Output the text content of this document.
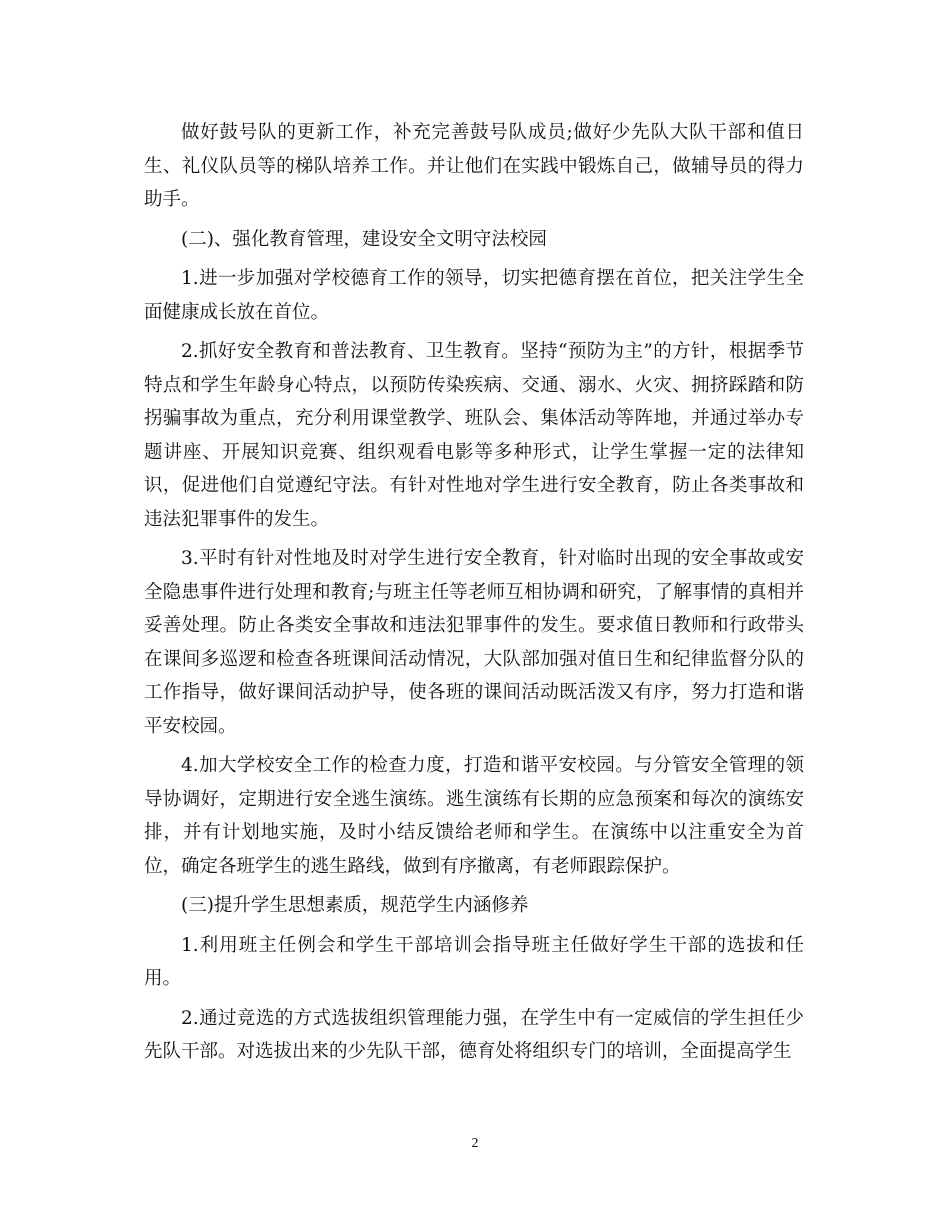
做好鼓号队的更新工作，补充完善鼓号队成员;做好少先队大队干部和值日生、礼仪队员等的梯队培养工作。并让他们在实践中锻炼自己，做辅导员的得力助手。

(二)、强化教育管理，建设安全文明守法校园

1.进一步加强对学校德育工作的领导，切实把德育摆在首位，把关注学生全面健康成长放在首位。

2.抓好安全教育和普法教育、卫生教育。坚持“预防为主”的方针，根据季节特点和学生年龄身心特点，以预防传染疾病、交通、溺水、火灾、拥挤踩踏和防拐骗事故为重点，充分利用课堂教学、班队会、集体活动等阵地，并通过举办专题讲座、开展知识竞赛、组织观看电影等多种形式，让学生掌握一定的法律知识，促进他们自觉遵纪守法。有针对性地对学生进行安全教育，防止各类事故和违法犯罪事件的发生。

3.平时有针对性地及时对学生进行安全教育，针对临时出现的安全事故或安全隐患事件进行处理和教育;与班主任等老师互相协调和研究，了解事情的真相并妥善处理。防止各类安全事故和违法犯罪事件的发生。要求值日教师和行政带头在课间多巡逻和检查各班课间活动情况，大队部加强对值日生和纪律监督分队的工作指导，做好课间活动护导，使各班的课间活动既活泼又有序，努力打造和谐平安校园。

4.加大学校安全工作的检查力度，打造和谐平安校园。与分管安全管理的领导协调好，定期进行安全逃生演练。逃生演练有长期的应急预案和每次的演练安排，并有计划地实施，及时小结反馈给老师和学生。在演练中以注重安全为首位，确定各班学生的逃生路线，做到有序撤离，有老师跟踪保护。

(三)提升学生思想素质，规范学生内涵修养

1.利用班主任例会和学生干部培训会指导班主任做好学生干部的选拔和任用。

2.通过竞选的方式选拔组织管理能力强，在学生中有一定威信的学生担任少先队干部。对选拔出来的少先队干部，德育处将组织专门的培训，全面提高学生

2
